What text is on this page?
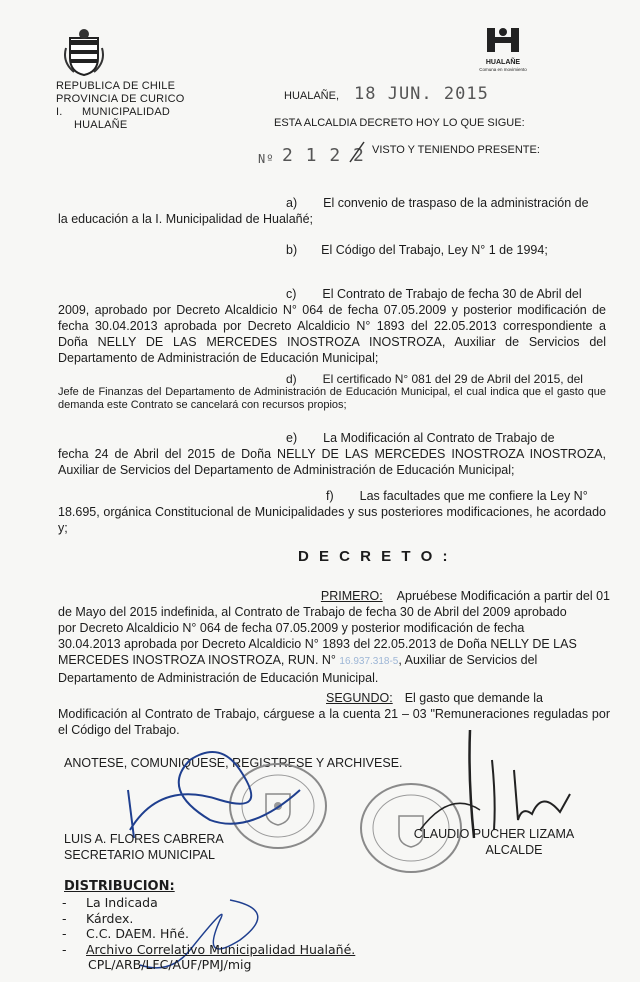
HUALAÑE
Comuna en movimiento
REPUBLICA DE CHILE
PROVINCIA DE CURICO
I.      MUNICIPALIDAD
HUALAÑE
HUALAÑE, 18 JUN. 2015
ESTA ALCALDIA DECRETO HOY LO QUE SIGUE:
Nº 2 1 2 2 VISTO Y TENIENDO PRESENTE:
a) El convenio de traspaso de la administración de
la educación a la I. Municipalidad de Hualañé;
b) El Código del Trabajo, Ley N° 1 de 1994;
c) El Contrato de Trabajo de fecha 30 de Abril del
2009, aprobado por Decreto Alcaldicio N° 064 de fecha 07.05.2009 y posterior modificación de fecha 30.04.2013 aprobada por Decreto Alcaldicio N° 1893 del 22.05.2013 correspondiente a Doña NELLY DE LAS MERCEDES INOSTROZA INOSTROZA, Auxiliar de Servicios del Departamento de Administración de Educación Municipal;
d) El certificado N° 081 del 29 de Abril del 2015, del
Jefe de Finanzas del Departamento de Administración de Educación Municipal, el cual indica que el gasto que demanda este Contrato se cancelará con recursos propios;
e) La Modificación al Contrato de Trabajo de
fecha 24 de Abril del 2015 de Doña NELLY DE LAS MERCEDES INOSTROZA INOSTROZA, Auxiliar de Servicios del Departamento de Administración de Educación Municipal;
f) Las facultades que me confiere la Ley N°
18.695, orgánica Constitucional de Municipalidades y sus posteriores modificaciones, he acordado y;
D E C R E T O :
PRIMERO: Apruébese Modificación a partir del 01
de Mayo del 2015 indefinida, al Contrato de Trabajo de fecha 30 de Abril del 2009 aprobado
por Decreto Alcaldicio N° 064 de fecha 07.05.2009 y posterior modificación de fecha
30.04.2013 aprobada por Decreto Alcaldicio N° 1893 del 22.05.2013 de Doña NELLY DE LAS
MERCEDES INOSTROZA INOSTROZA, RUN. N° 16.937.318-5, Auxiliar de Servicios del
Departamento de Administración de Educación Municipal.
SEGUNDO: El gasto que demande la
Modificación al Contrato de Trabajo, cárguese a la cuenta 21 – 03 "Remuneraciones reguladas por el Código del Trabajo.
ANOTESE, COMUNIQUESE, REGISTRESE Y ARCHIVESE.
LUIS A. FLORES CABRERA
SECRETARIO MUNICIPAL
CLAUDIO PUCHER LIZAMA
ALCALDE
DISTRIBUCION:
- La Indicada
- Kárdex.
- C.C. DAEM. Hñé.
- Archivo Correlativo Municipalidad Hualañé.
CPL/ARB/LFC/AUF/PMJ/mig
